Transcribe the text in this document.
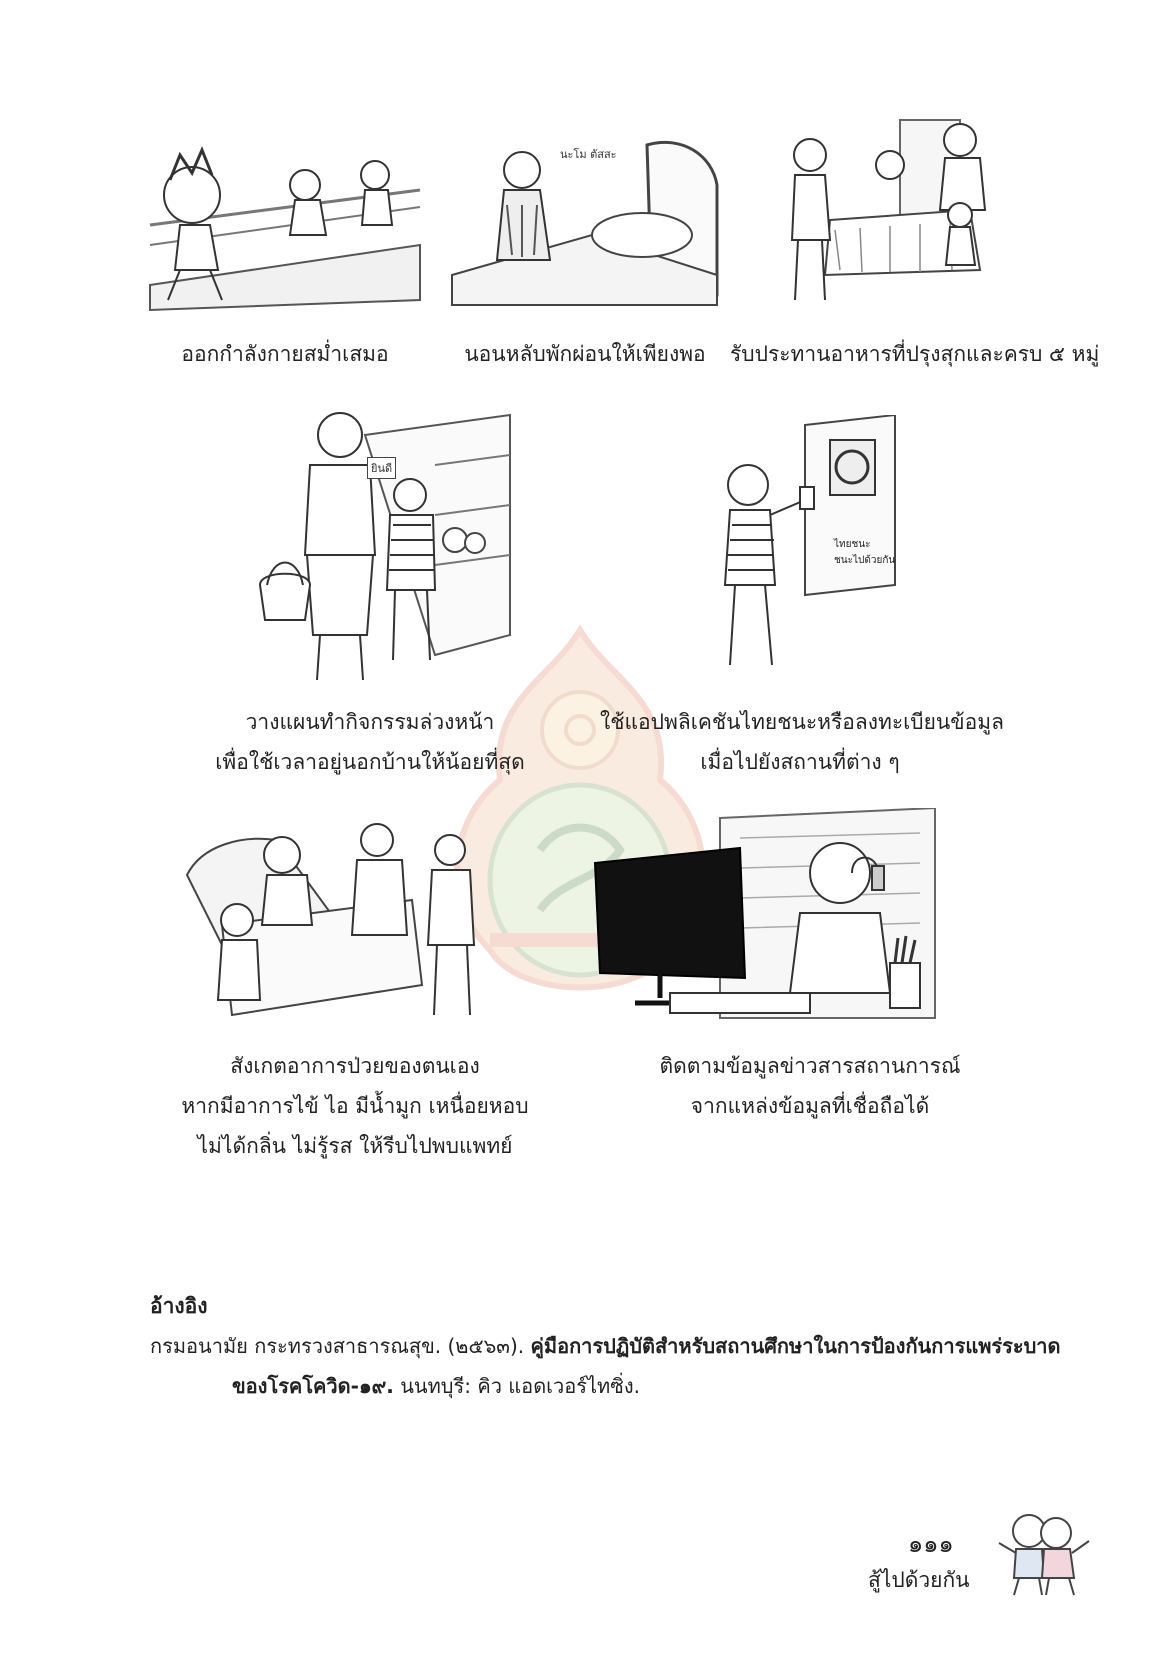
นะโม ตัสสะ
ออกกำลังกายสม่ำเสมอ	นอนหลับพักผ่อนให้เพียงพอ	รับประทานอาหารที่ปรุงสุกและครบ ๕ หมู่
ยินดี
ไทยชนะ
ชนะไปด้วยกัน
วางแผนทำกิจกรรมล่วงหน้า
เพื่อใช้เวลาอยู่นอกบ้านให้น้อยที่สุด
ใช้แอปพลิเคชันไทยชนะหรือลงทะเบียนข้อมูล
เมื่อไปยังสถานที่ต่าง ๆ
สังเกตอาการป่วยของตนเอง
หากมีอาการไข้ ไอ มีน้ำมูก เหนื่อยหอบ
ไม่ได้กลิ่น ไม่รู้รส ให้รีบไปพบแพทย์
ติดตามข้อมูลข่าวสารสถานการณ์
จากแหล่งข้อมูลที่เชื่อถือได้
อ้างอิง
กรมอนามัย กระทรวงสาธารณสุข. (๒๕๖๓). คู่มือการปฏิบัติสำหรับสถานศึกษาในการป้องกันการแพร่ระบาด
ของโรคโควิด-๑๙. นนทบุรี: คิว แอดเวอร์ไทซิ่ง.
๑๑๑
สู้ไปด้วยกัน
